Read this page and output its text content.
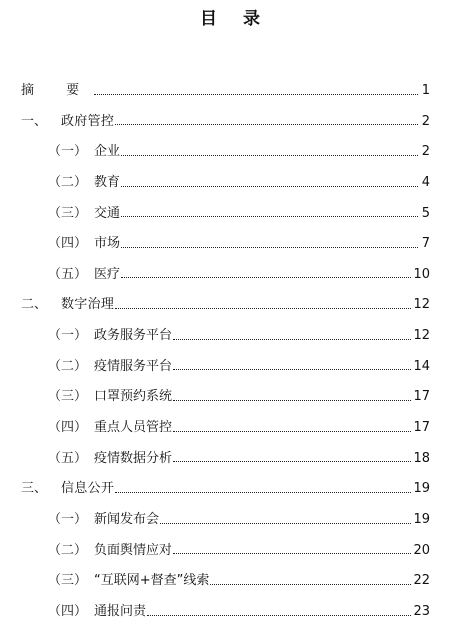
目 录
摘 要	1
一、	政府管控	2
（一） 企业	2
（二） 教育	4
（三） 交通	5
（四） 市场	7
（五） 医疗	10
二、	数字治理	12
（一） 政务服务平台	12
（二） 疫情服务平台	14
（三） 口罩预约系统	17
（四） 重点人员管控	17
（五） 疫情数据分析	18
三、	信息公开	19
（一） 新闻发布会	19
（二） 负面舆情应对	20
（三） “互联网+督查”线索	22
（四） 通报问责	23
